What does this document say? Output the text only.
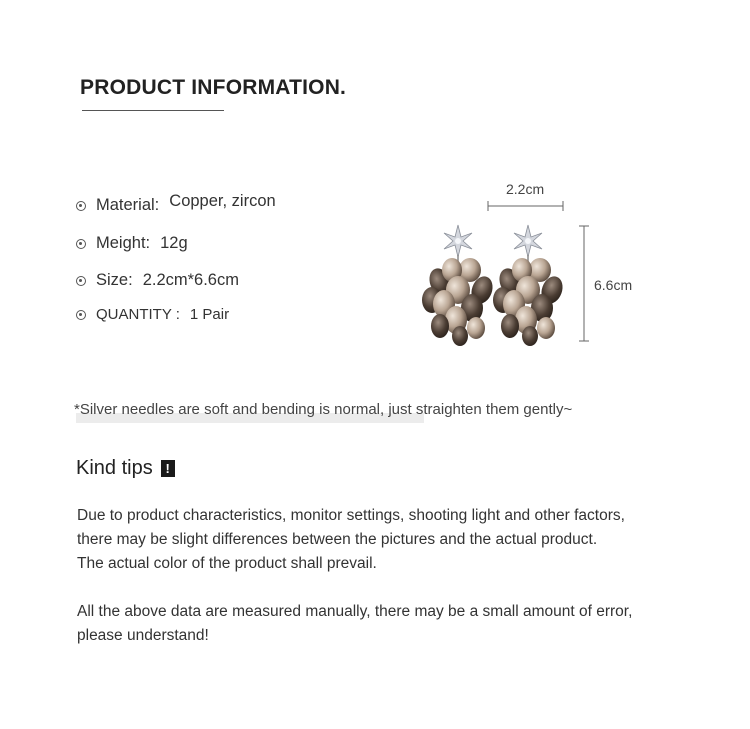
PRODUCT INFORMATION.
Material: Copper, zircon
Meight: 12g
Size: 2.2cm*6.6cm
QUANTITY : 1 Pair
2.2cm
6.6cm
*Silver needles are soft and bending is normal, just straighten them gently~
Kind tips !
Due to product characteristics, monitor settings, shooting light and other factors,
there may be slight differences between the pictures and the actual product.
The actual color of the product shall prevail.
All the above data are measured manually, there may be a small amount of error,
please understand!
